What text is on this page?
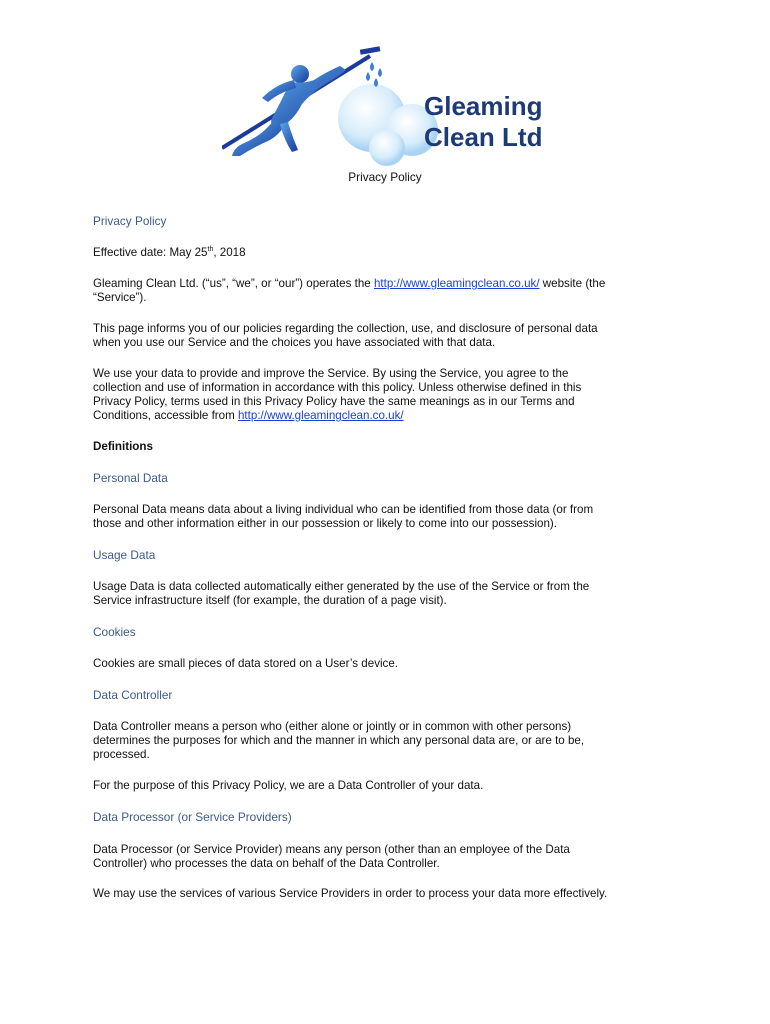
Gleaming
Clean Ltd
Privacy Policy
Privacy Policy
Effective date: May 25th, 2018
Gleaming Clean Ltd. (“us”, “we”, or “our”) operates the http://www.gleamingclean.co.uk/ website (the
“Service”).
This page informs you of our policies regarding the collection, use, and disclosure of personal data
when you use our Service and the choices you have associated with that data.
We use your data to provide and improve the Service. By using the Service, you agree to the
collection and use of information in accordance with this policy. Unless otherwise defined in this
Privacy Policy, terms used in this Privacy Policy have the same meanings as in our Terms and
Conditions, accessible from http://www.gleamingclean.co.uk/
Definitions
Personal Data
Personal Data means data about a living individual who can be identified from those data (or from
those and other information either in our possession or likely to come into our possession).
Usage Data
Usage Data is data collected automatically either generated by the use of the Service or from the
Service infrastructure itself (for example, the duration of a page visit).
Cookies
Cookies are small pieces of data stored on a User’s device.
Data Controller
Data Controller means a person who (either alone or jointly or in common with other persons)
determines the purposes for which and the manner in which any personal data are, or are to be,
processed.
For the purpose of this Privacy Policy, we are a Data Controller of your data.
Data Processor (or Service Providers)
Data Processor (or Service Provider) means any person (other than an employee of the Data
Controller) who processes the data on behalf of the Data Controller.
We may use the services of various Service Providers in order to process your data more effectively.
